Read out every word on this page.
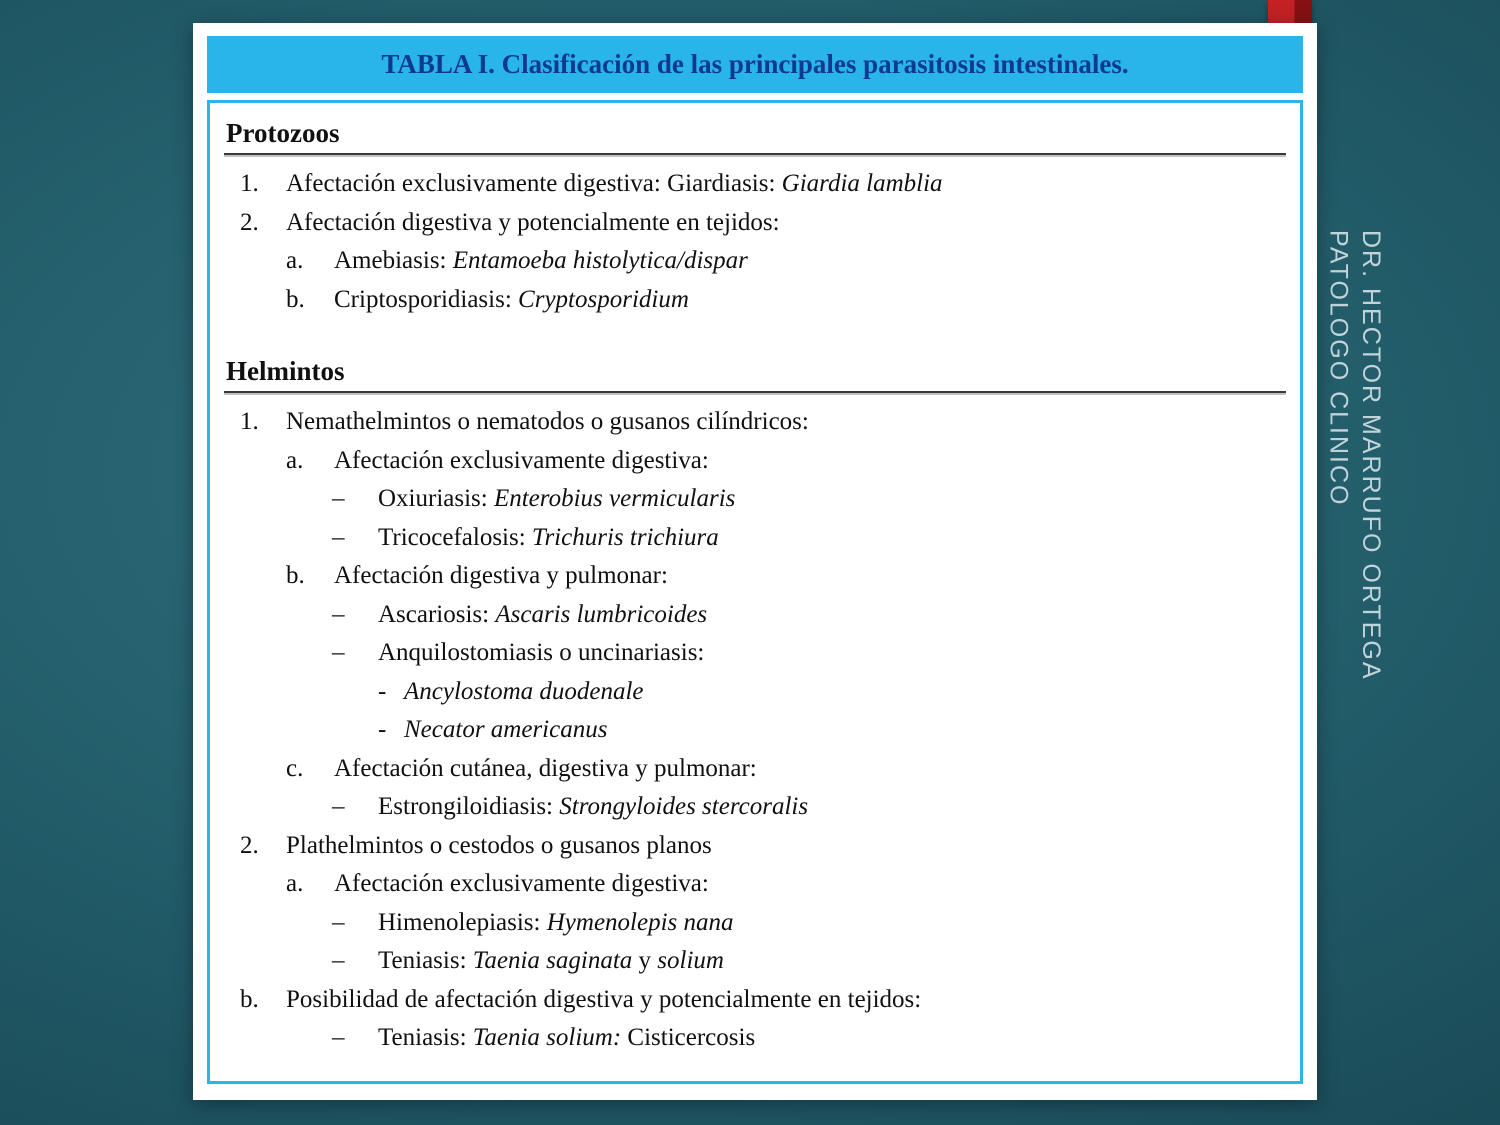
DR. HECTOR MARRUFO ORTEGA
PATOLOGO CLINICO
TABLA I. Clasificación de las principales parasitosis intestinales.
Protozoos
1.	Afectación exclusivamente digestiva: Giardiasis: Giardia lamblia
2.	Afectación digestiva y potencialmente en tejidos:
a.	Amebiasis: Entamoeba histolytica/dispar
b.	Criptosporidiasis: Cryptosporidium
Helmintos
1.	Nemathelmintos o nematodos o gusanos cilíndricos:
a.	Afectación exclusivamente digestiva:
–	Oxiuriasis: Enterobius vermicularis
–	Tricocefalosis: Trichuris trichiura
b.	Afectación digestiva y pulmonar:
–	Ascariosis: Ascaris lumbricoides
–	Anquilostomiasis o uncinariasis:
- Ancylostoma duodenale
- Necator americanus
c.	Afectación cutánea, digestiva y pulmonar:
–	Estrongiloidiasis: Strongyloides stercoralis
2.	Plathelmintos o cestodos o gusanos planos
a.	Afectación exclusivamente digestiva:
–	Himenolepiasis: Hymenolepis nana
–	Teniasis: Taenia saginata y solium
b.	Posibilidad de afectación digestiva y potencialmente en tejidos:
–	Teniasis: Taenia solium: Cisticercosis
